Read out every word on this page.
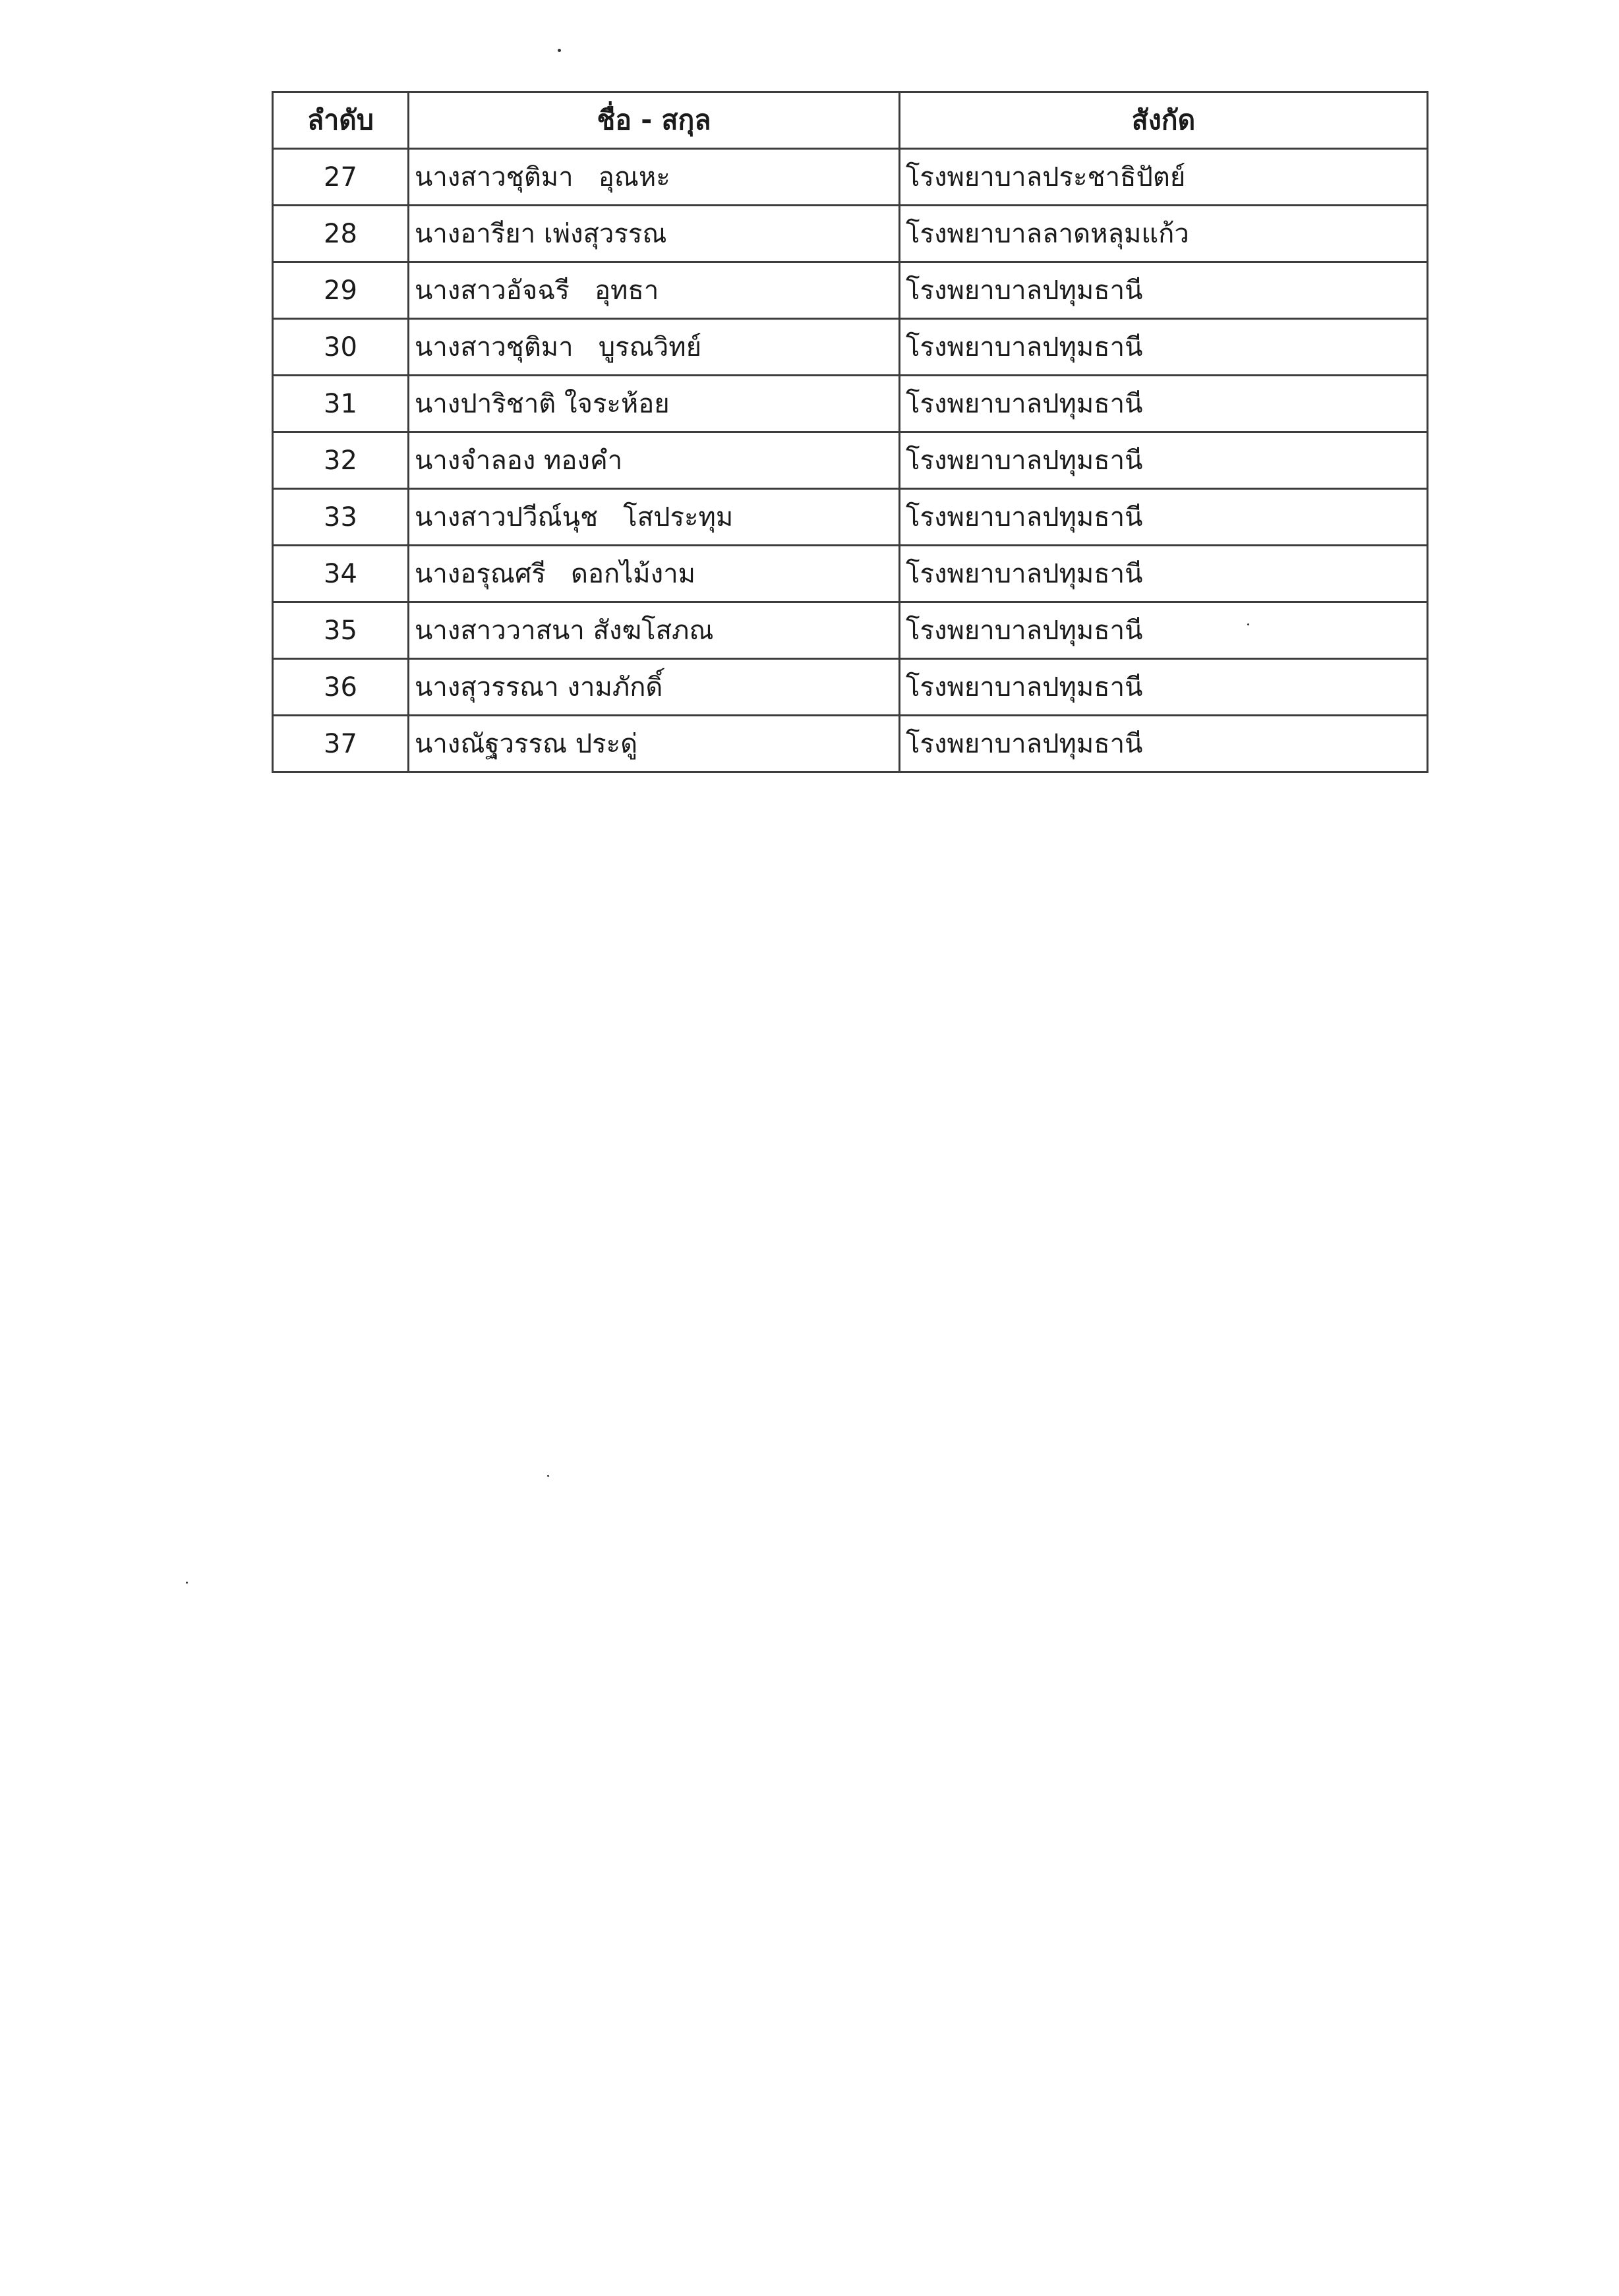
ลำดับ	ชื่อ - สกุล	สังกัด
27	นางสาวชุติมา   อุณหะ	โรงพยาบาลประชาธิปัตย์
28	นางอารียา เพ่งสุวรรณ	โรงพยาบาลลาดหลุมแก้ว
29	นางสาวอัจฉรี   อุทธา	โรงพยาบาลปทุมธานี
30	นางสาวชุติมา   บูรณวิทย์	โรงพยาบาลปทุมธานี
31	นางปาริชาติ ใจระห้อย	โรงพยาบาลปทุมธานี
32	นางจำลอง ทองคำ	โรงพยาบาลปทุมธานี
33	นางสาวปวีณ์นุช   โสประทุม	โรงพยาบาลปทุมธานี
34	นางอรุณศรี   ดอกไม้งาม	โรงพยาบาลปทุมธานี
35	นางสาววาสนา สังฆโสภณ	โรงพยาบาลปทุมธานี
36	นางสุวรรณา งามภักดิ์	โรงพยาบาลปทุมธานี
37	นางณัฐวรรณ ประดู่	โรงพยาบาลปทุมธานี
